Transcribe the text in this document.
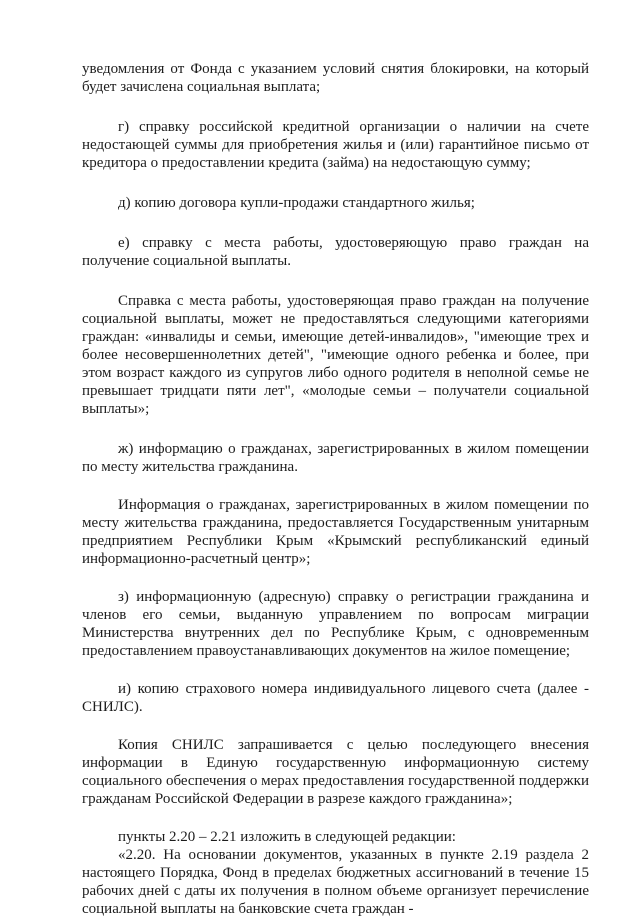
уведомления от Фонда с указанием условий снятия блокировки, на который будет зачислена социальная выплата;

г) справку российской кредитной организации о наличии на счете недостающей суммы для приобретения жилья и (или) гарантийное письмо от кредитора о предоставлении кредита (займа) на недостающую сумму;

д) копию договора купли-продажи стандартного жилья;

е) справку с места работы, удостоверяющую право граждан на получение социальной выплаты.

Справка с места работы, удостоверяющая право граждан на получение социальной выплаты, может не предоставляться следующими категориями граждан: «инвалиды и семьи, имеющие детей-инвалидов», "имеющие трех и более несовершеннолетних детей", "имеющие одного ребенка и более, при этом возраст каждого из супругов либо одного родителя в неполной семье не превышает тридцати пяти лет", «молодые семьи – получатели социальной выплаты»;

ж) информацию о гражданах, зарегистрированных в жилом помещении по месту жительства гражданина.

Информация о гражданах, зарегистрированных в жилом помещении по месту жительства гражданина, предоставляется Государственным унитарным предприятием Республики Крым «Крымский республиканский единый информационно-расчетный центр»;

з) информационную (адресную) справку о регистрации гражданина и членов его семьи, выданную управлением по вопросам миграции Министерства внутренних дел по Республике Крым, с одновременным предоставлением правоустанавливающих документов на жилое помещение;

и) копию страхового номера индивидуального лицевого счета (далее - СНИЛС).

Копия СНИЛС запрашивается с целью последующего внесения информации в Единую государственную информационную систему социального обеспечения о мерах предоставления государственной поддержки гражданам Российской Федерации в разрезе каждого гражданина»;

пункты 2.20 – 2.21 изложить в следующей редакции:

«2.20. На основании документов, указанных в пункте 2.19 раздела 2 настоящего Порядка, Фонд в пределах бюджетных ассигнований в течение 15 рабочих дней с даты их получения в полном объеме организует перечисление социальной выплаты на банковские счета граждан -
